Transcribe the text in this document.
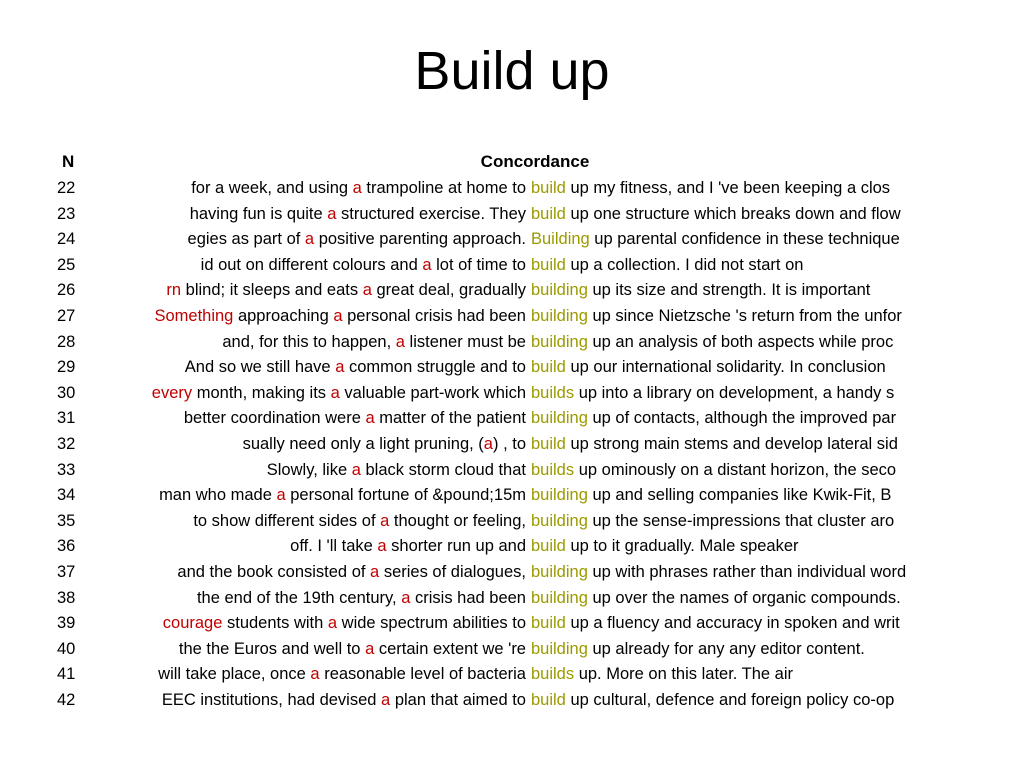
Build up
N	Concordance
22	for a week, and using a trampoline at home to build up my fitness, and I 've been keeping a clos
23	having fun is quite a structured exercise. They build up one structure which breaks down and flow
24	egies as part of a positive parenting approach. Building up parental confidence in these technique
25	id out on different colours and a lot of time to build up a collection. I did not start on
26	rn blind; it sleeps and eats a great deal, gradually building up its size and strength. It is important
27	Something approaching a personal crisis had been building up since Nietzsche 's return from the unfor
28	and, for this to happen, a listener must be building up an analysis of both aspects while proc
29	And so we still have a common struggle and to build up our international solidarity. In conclusion
30	every month, making its a valuable part-work which builds up into a library on development, a handy s
31	better coordination were a matter of the patient building up of contacts, although the improved par
32	sually need only a light pruning, (a) , to build up strong main stems and develop lateral sid
33	Slowly, like a black storm cloud that builds up ominously on a distant horizon, the seco
34	man who made a personal fortune of &pound;15m building up and selling companies like Kwik-Fit, B
35	to show different sides of a thought or feeling, building up the sense-impressions that cluster aro
36	off. I 'll take a shorter run up and build up to it gradually. Male speaker
37	and the book consisted of a series of dialogues, building up with phrases rather than individual word
38	the end of the 19th century, a crisis had been building up over the names of organic compounds.
39	courage students with a wide spectrum abilities to build up a fluency and accuracy in spoken and writ
40	the the Euros and well to a certain extent we 're building up already for any any editor content.
41	will take place, once a reasonable level of bacteria builds up. More on this later. The air
42	EEC institutions, had devised a plan that aimed to build up cultural, defence and foreign policy co-op
